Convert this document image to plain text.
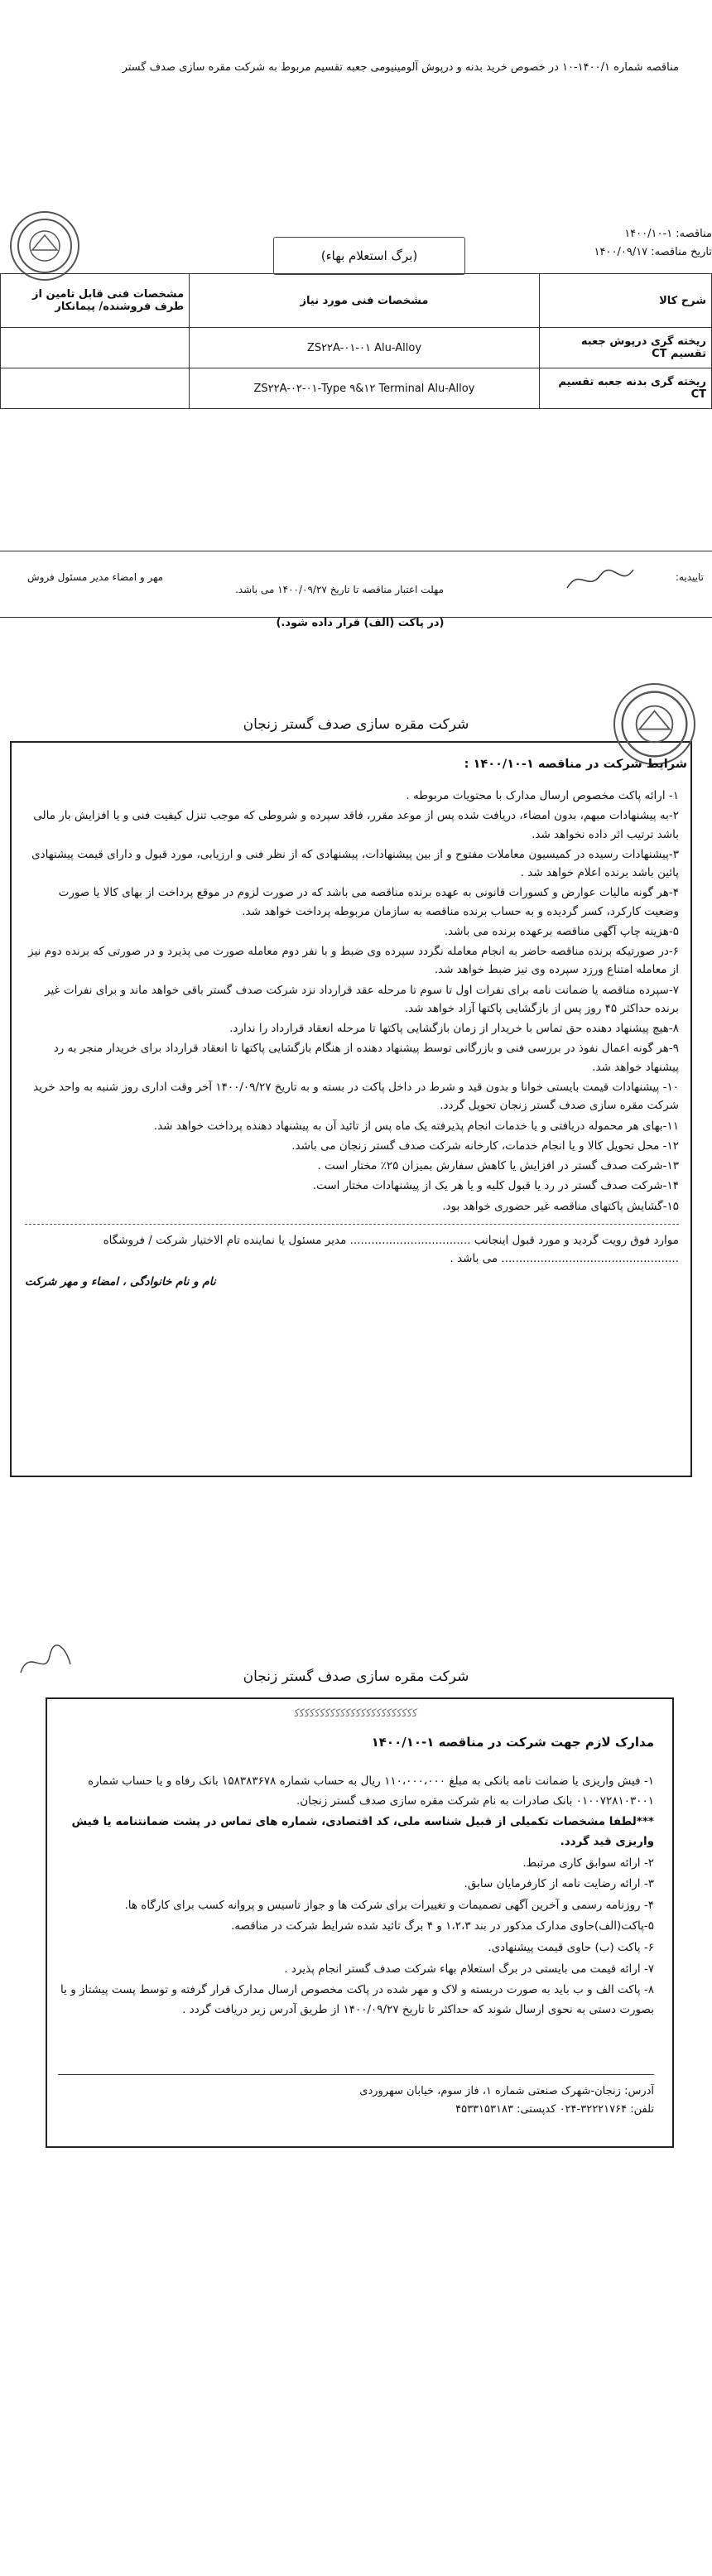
مناقصه شماره ۱۴۰۰/۱-۱۰ در خصوص خرید بدنه و درپوش آلومینیومی جعبه تقسیم مربوط به شرکت مقره سازی صدف گستر
مناقصه: ۱-۱۴۰۰/۱۰
تاریخ مناقصه: ۱۴۰۰/۰۹/۱۷
(برگ استعلام بهاء)
شرح کالا	مشخصات فنی مورد نیاز	مشخصات فنی قابل تامین از طرف فروشنده/ پیمانکار
ریخته گری درپوش جعبه تقسیم CT	ZS۲۲A-۰۱-۰۱ Alu-Alloy	
ریخته گری بدنه جعبه تقسیم CT	ZS۲۲A-۰۲-۰۱-Type ۹&۱۲ Terminal Alu-Alloy	
تاییدیه:
مهلت اعتبار مناقصه تا تاریخ ۱۴۰۰/۰۹/۲۷ می باشد.
مهر و امضاء مدیر مسئول فروش
(در پاکت (الف) قرار داده شود.)
شرکت مقره سازی صدف گستر زنجان
شرایط شرکت در مناقصه ۱-۱۴۰۰/۱۰ :

۱- ارائه پاکت مخصوص ارسال مدارک با محتویات مربوطه .

۲-به پیشنهادات مبهم، بدون امضاء، دریافت شده پس از موعد مقرر، فاقد سپرده و شروطی که موجب تنزل کیفیت فنی و یا افزایش بار مالی باشد ترتیب اثر داده نخواهد شد.

۳-پیشنهادات رسیده در کمیسیون معاملات مفتوح و از بین پیشنهادات، پیشنهادی که از نظر فنی و ارزیابی، مورد قبول و دارای قیمت پیشنهادی پائین باشد برنده اعلام خواهد شد .

۴-هر گونه مالیات عوارض و کسورات قانونی به عهده برنده مناقصه می باشد که در صورت لزوم در موقع پرداخت از بهای کالا یا صورت وضعیت کارکرد، کسر گردیده و به حساب برنده مناقصه به سازمان مربوطه پرداخت خواهد شد.

۵-هزینه چاپ آگهی مناقصه برعهده برنده می باشد.

۶-در صورتیکه برنده مناقصه حاضر به انجام معامله نگردد سپرده وی ضبط و با نفر دوم معامله صورت می پذیرد و در صورتی که برنده دوم نیز از معامله امتناع ورزد سپرده وی نیز ضبط خواهد شد.

۷-سپرده مناقصه یا ضمانت نامه برای نفرات اول تا سوم تا مرحله عقد قرارداد نزد شرکت صدف گستر باقی خواهد ماند و برای نفرات غیر برنده حداکثر ۴۵ روز پس از بازگشایی پاکتها آزاد خواهد شد.

۸-هیچ پیشنهاد دهنده حق تماس با خریدار از زمان بازگشایی پاکتها تا مرحله انعقاد قرارداد را ندارد.

۹-هر گونه اعمال نفوذ در بررسی فنی و بازرگانی توسط پیشنهاد دهنده از هنگام بازگشایی پاکتها تا انعقاد قرارداد برای خریدار منجر به رد پیشنهاد خواهد شد.

۱۰- پیشنهادات قیمت بایستی خوانا و بدون قید و شرط در داخل پاکت در بسته و به تاریخ ۱۴۰۰/۰۹/۲۷ آخر وقت اداری روز شنبه به واحد خرید شرکت مقره سازی صدف گستر زنجان تحویل گردد.

۱۱-بهای هر محموله دریافتی و یا خدمات انجام پذیرفته یک ماه پس از تائید آن به پیشنهاد دهنده پرداخت خواهد شد.

۱۲- محل تحویل کالا و یا انجام خدمات، کارخانه شرکت صدف گستر زنجان می باشد.

۱۳-شرکت صدف گستر در افزایش یا کاهش سفارش بمیزان ۲۵٪ مختار است .

۱۴-شرکت صدف گستر در رد یا قبول کلیه و یا هر یک از پیشنهادات مختار است.

۱۵-گشایش پاکتهای مناقصه غیر حضوری خواهد بود.

موارد فوق رویت گردید و مورد قبول اینجانب .................................. مدیر مسئول یا نماینده تام الاختیار شرکت / فروشگاه .................................................. می باشد .

نام و نام خانوادگی ، امضاء و مهر شرکت

شرکت مقره سازی صدف گستر زنجان
ﮐﮐﮐﮐﮐﮐﮐﮐﮐﮐﮐﮐﮐﮐﮐﮐﮐﮐﮐﮐﮐﮐﮐﮐ
مدارک لازم جهت شرکت در مناقصه ۱-۱۴۰۰/۱۰

۱- فیش واریزی یا ضمانت نامه بانکی به مبلغ ۱۱۰،۰۰۰،۰۰۰ ریال به حساب شماره ۱۵۸۳۸۳۶۷۸ بانک رفاه و یا حساب شماره ۰۱۰۰۷۲۸۱۰۳۰۰۱ بانک صادرات به نام شرکت مقره سازی صدف گستر زنجان.

***لطفا مشخصات تکمیلی از قبیل شناسه ملی، کد اقتصادی، شماره های تماس در پشت ضمانتنامه یا فیش واریزی قید گردد.

۲- ارائه سوابق کاری مرتبط.

۳- ارائه رضایت نامه از کارفرمایان سابق.

۴- روزنامه رسمی و آخرین آگهی تصمیمات و تغییرات برای شرکت ها و جواز تاسیس و پروانه کسب برای کارگاه ها.

۵-پاکت(الف)حاوی مدارک مذکور در بند ۱،۲،۳ و ۴ برگ تائید شده شرایط شرکت در مناقصه.

۶- پاکت (ب) حاوی قیمت پیشنهادی.

۷- ارائه قیمت می بایستی در برگ استعلام بهاء شرکت صدف گستر انجام پذیرد .

۸- پاکت الف و ب باید به صورت دربسته و لاک و مهر شده در پاکت مخصوص ارسال مدارک قرار گرفته و توسط پست پیشتاز و یا بصورت دستی به نحوی ارسال شوند که حداکثر تا تاریخ ۱۴۰۰/۰۹/۲۷ از طریق آدرس زیر دریافت گردد .

آدرس: زنجان-شهرک صنعتی شماره ۱، فاز سوم، خیابان سهروردی
تلفن: ۳۲۲۲۱۷۶۴-۰۲۴ کدپستی: ۴۵۳۳۱۵۳۱۸۳
